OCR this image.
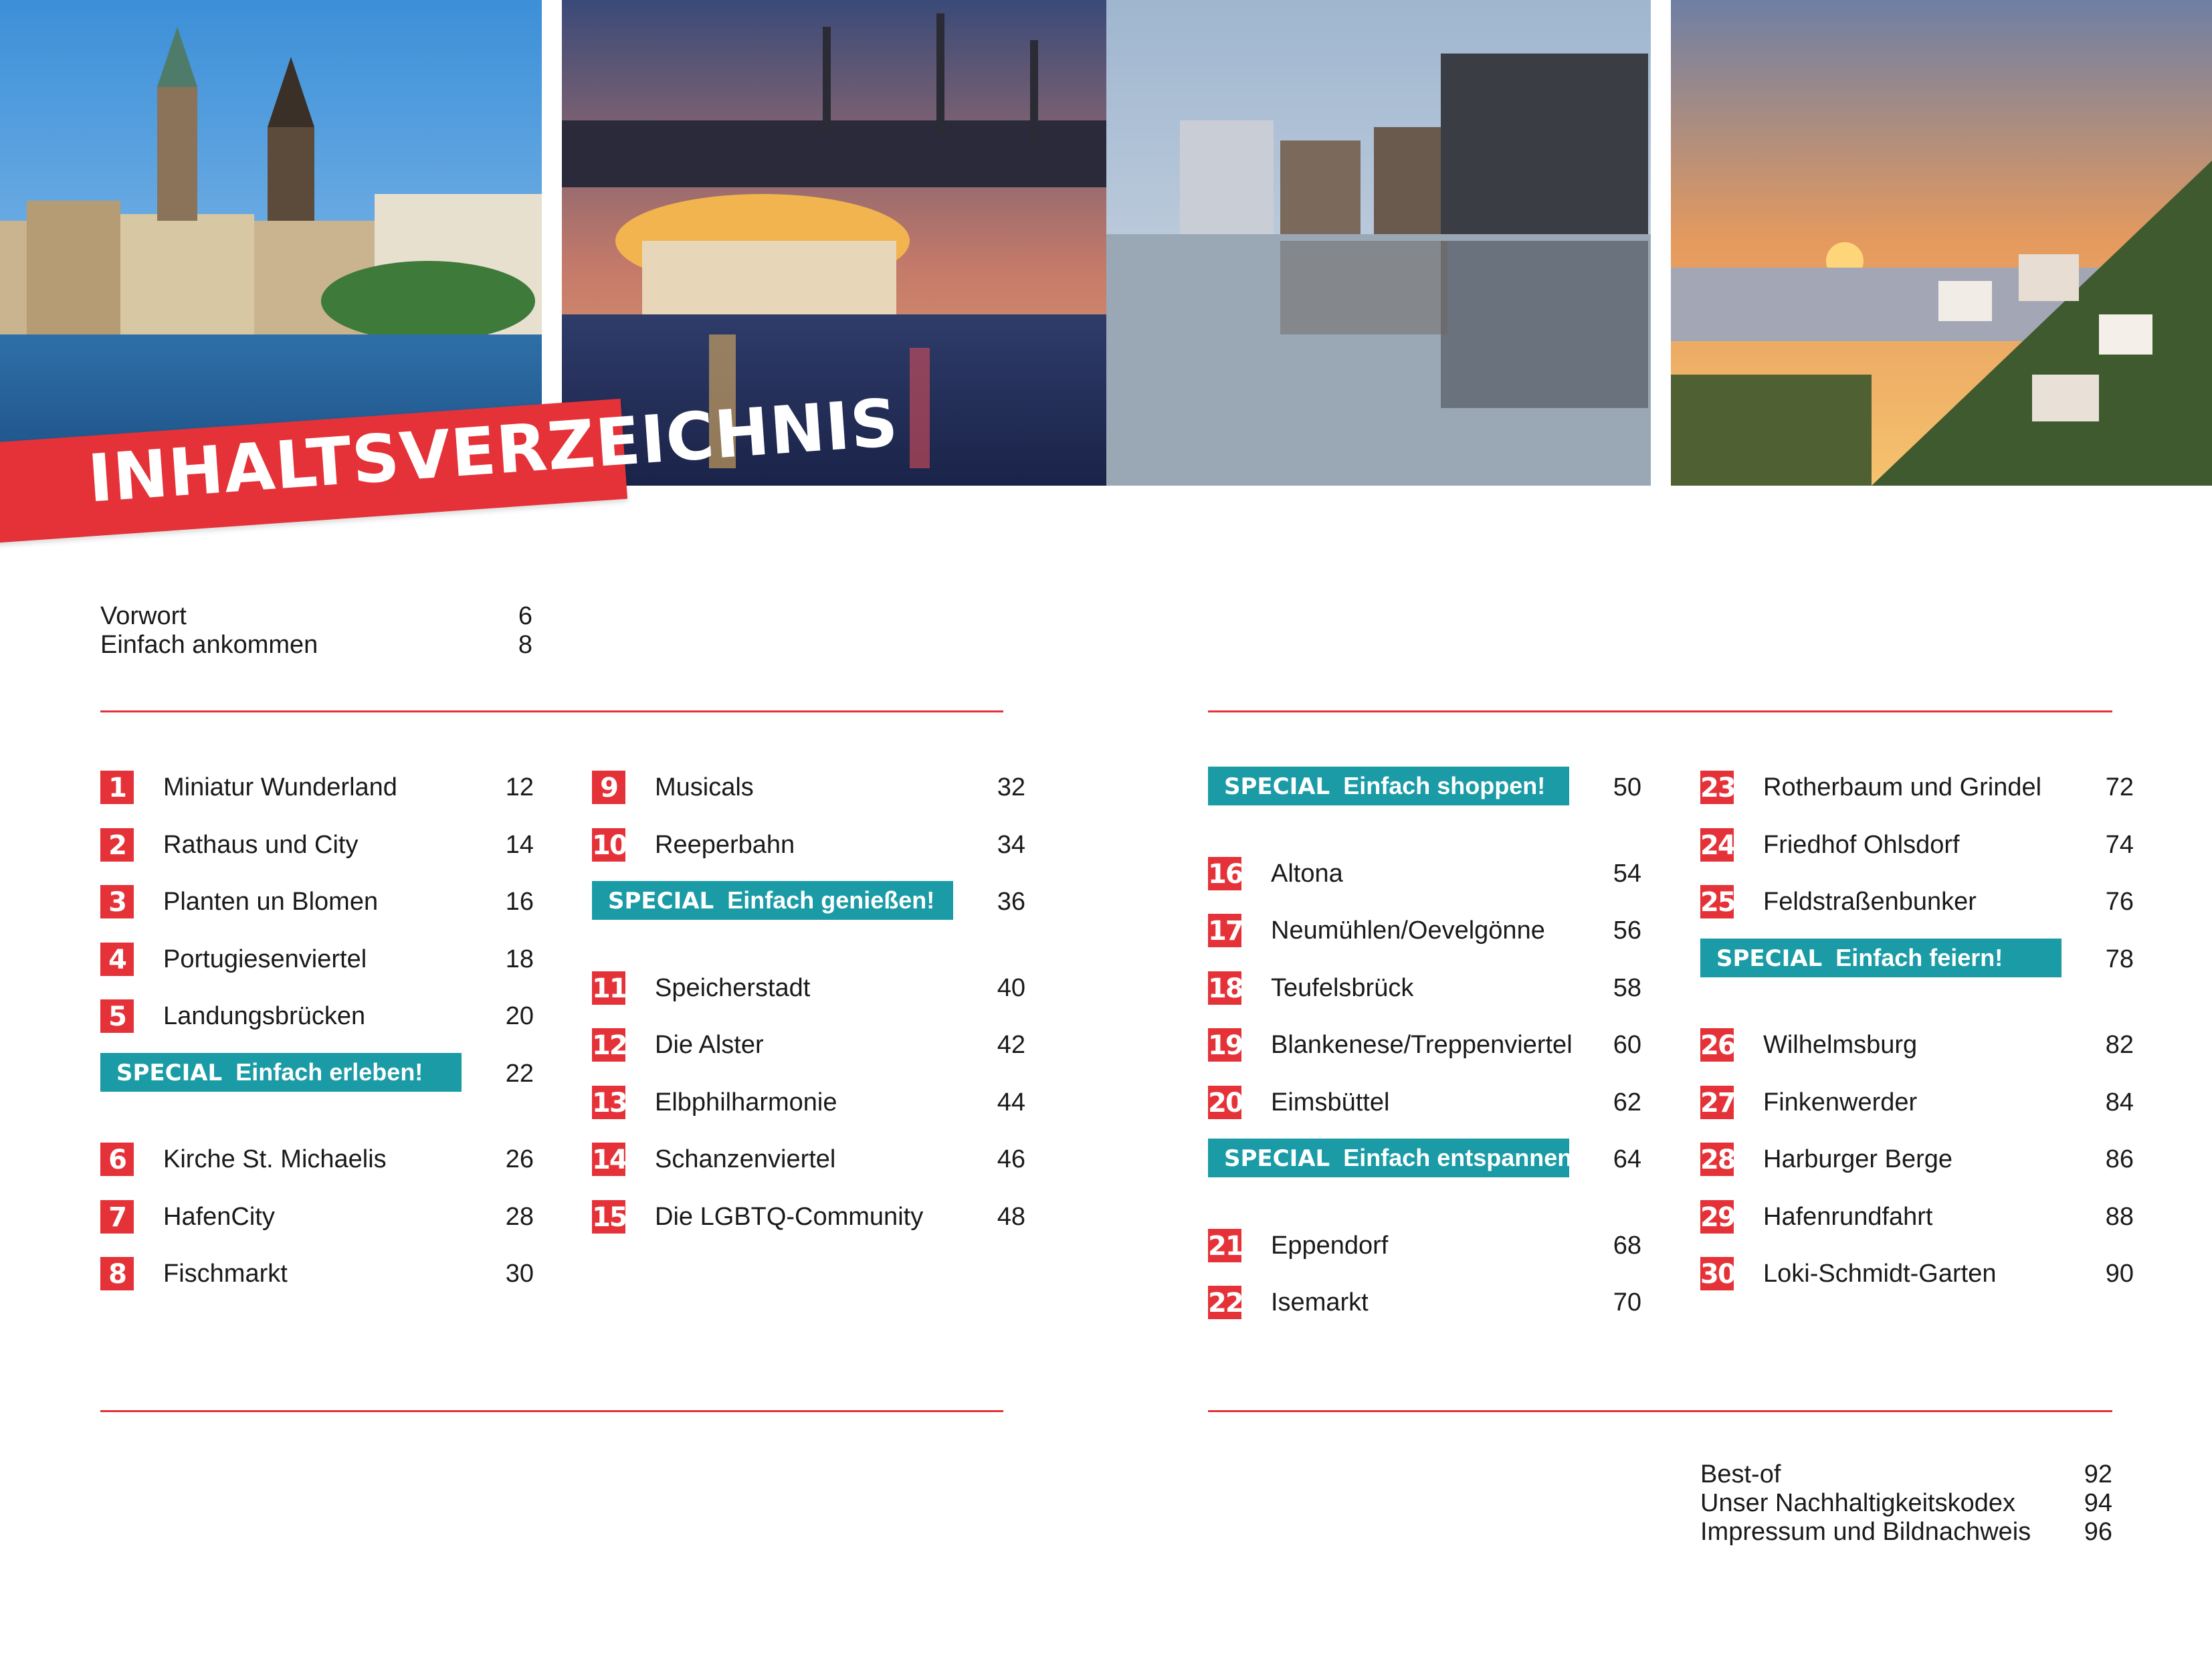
INHALTSVERZEICHNIS
Vorwort	6
Einfach ankommen	8
1	Miniatur Wunderland	12
2	Rathaus und City	14
3	Planten un Blomen	16
4	Portugiesenviertel	18
5	Landungsbrücken	20
SPECIAL Einfach erleben!	22
6	Kirche St. Michaelis	26
7	HafenCity	28
8	Fischmarkt	30
9	Musicals	32
10 Reeperbahn	34
SPECIAL Einfach genießen!	36
11 Speicherstadt	40
12 Die Alster	42
13 Elbphilharmonie	44
14 Schanzenviertel	46
15 Die LGBTQ-Community	48
SPECIAL Einfach shoppen!	50
16 Altona	54
17 Neumühlen/Oevelgönne	56
18 Teufelsbrück	58
19 Blankenese/Treppenviertel 60
20 Eimsbüttel	62
SPECIAL Einfach entspannen! 64
21 Eppendorf	68
22 Isemarkt	70
23 Rotherbaum und Grindel	72
24 Friedhof Ohlsdorf	74
25 Feldstraßenbunker	76
SPECIAL Einfach feiern!	78
26 Wilhelmsburg	82
27 Finkenwerder	84
28 Harburger Berge	86
29 Hafenrundfahrt	88
30 Loki-Schmidt-Garten	90
Best-of	92
Unser Nachhaltigkeitskodex	94
Impressum und Bildnachweis 96
